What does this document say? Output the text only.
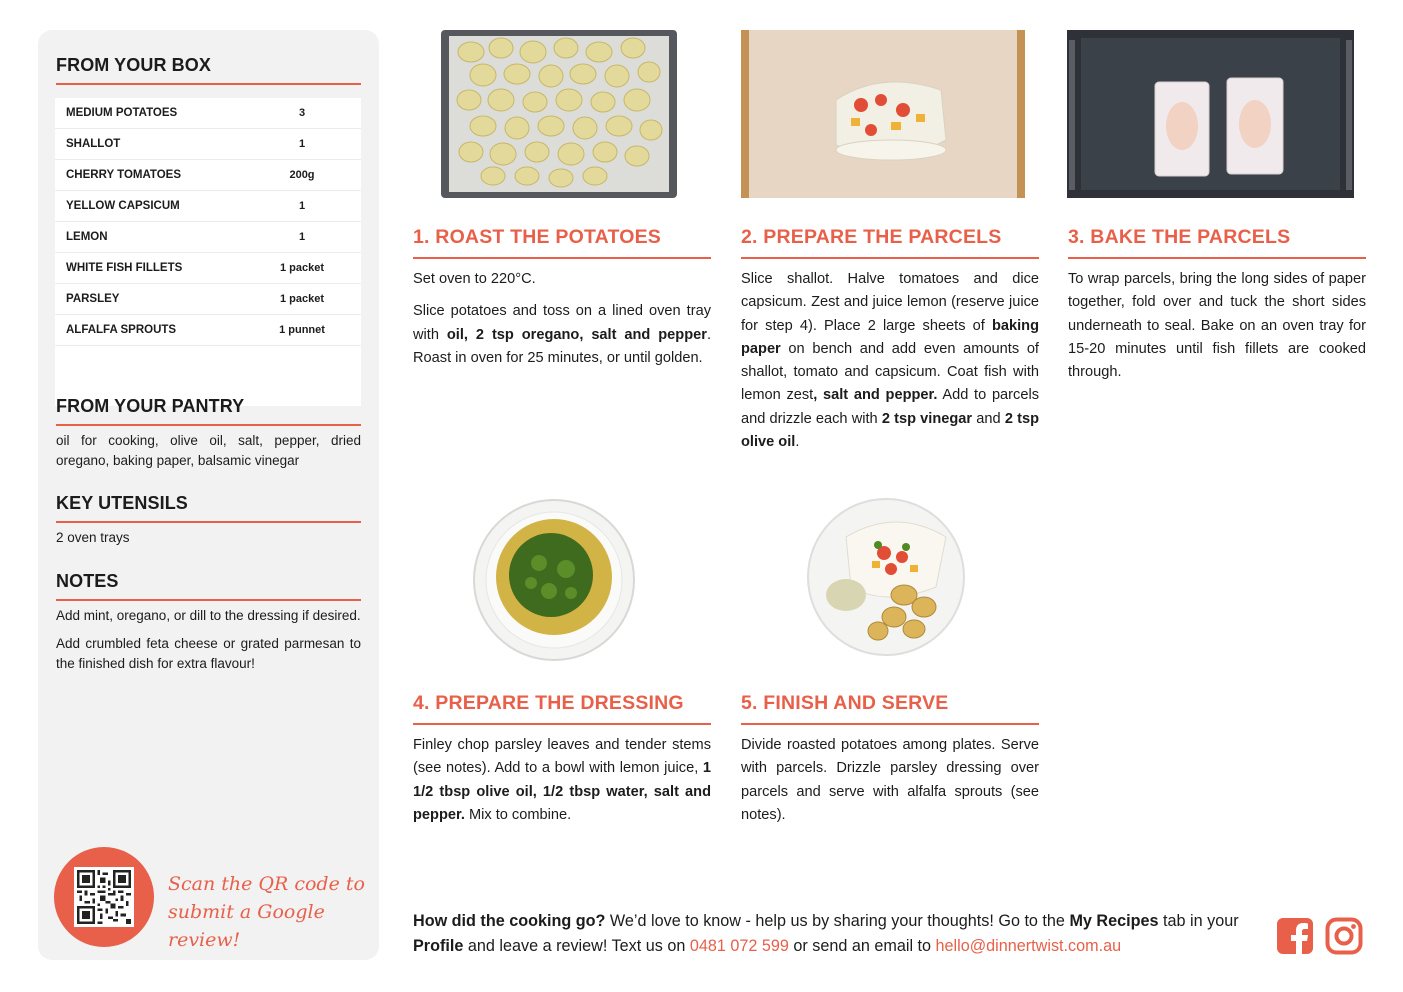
FROM YOUR BOX
MEDIUM POTATOES	3
SHALLOT	1
CHERRY TOMATOES	200g
YELLOW CAPSICUM	1
LEMON	1
WHITE FISH FILLETS	1 packet
PARSLEY	1 packet
ALFALFA SPROUTS	1 punnet
FROM YOUR PANTRY

oil for cooking, olive oil, salt, pepper, dried oregano, baking paper, balsamic vinegar

KEY UTENSILS

2 oven trays

NOTES

Add mint, oregano, or dill to the dressing if desired.

Add crumbled feta cheese or grated parmesan to the finished dish for extra flavour!

Scan the QR code to
submit a Google review!
1. ROAST THE POTATOES

Set oven to 220°C.

Slice potatoes and toss on a lined oven tray with oil, 2 tsp oregano, salt and pepper. Roast in oven for 25 minutes, or until golden.

2. PREPARE THE PARCELS

Slice shallot. Halve tomatoes and dice capsicum. Zest and juice lemon (reserve juice for step 4). Place 2 large sheets of baking paper on bench and add even amounts of shallot, tomato and capsicum. Coat fish with lemon zest, salt and pepper. Add to parcels and drizzle each with 2 tsp vinegar and 2 tsp olive oil.

3. BAKE THE PARCELS

To wrap parcels, bring the long sides of paper together, fold over and tuck the short sides underneath to seal. Bake on an oven tray for 15-20 minutes until fish fillets are cooked through.

4. PREPARE THE DRESSING

Finley chop parsley leaves and tender stems (see notes). Add to a bowl with lemon juice, 1 1/2 tbsp olive oil, 1/2 tbsp water, salt and pepper. Mix to combine.

5. FINISH AND SERVE

Divide roasted potatoes among plates. Serve with parcels. Drizzle parsley dressing over parcels and serve with alfalfa sprouts (see notes).

How did the cooking go? We’d love to know - help us by sharing your thoughts! Go to the My Recipes tab in your Profile and leave a review! Text us on 0481 072 599 or send an email to hello@dinnertwist.com.au
